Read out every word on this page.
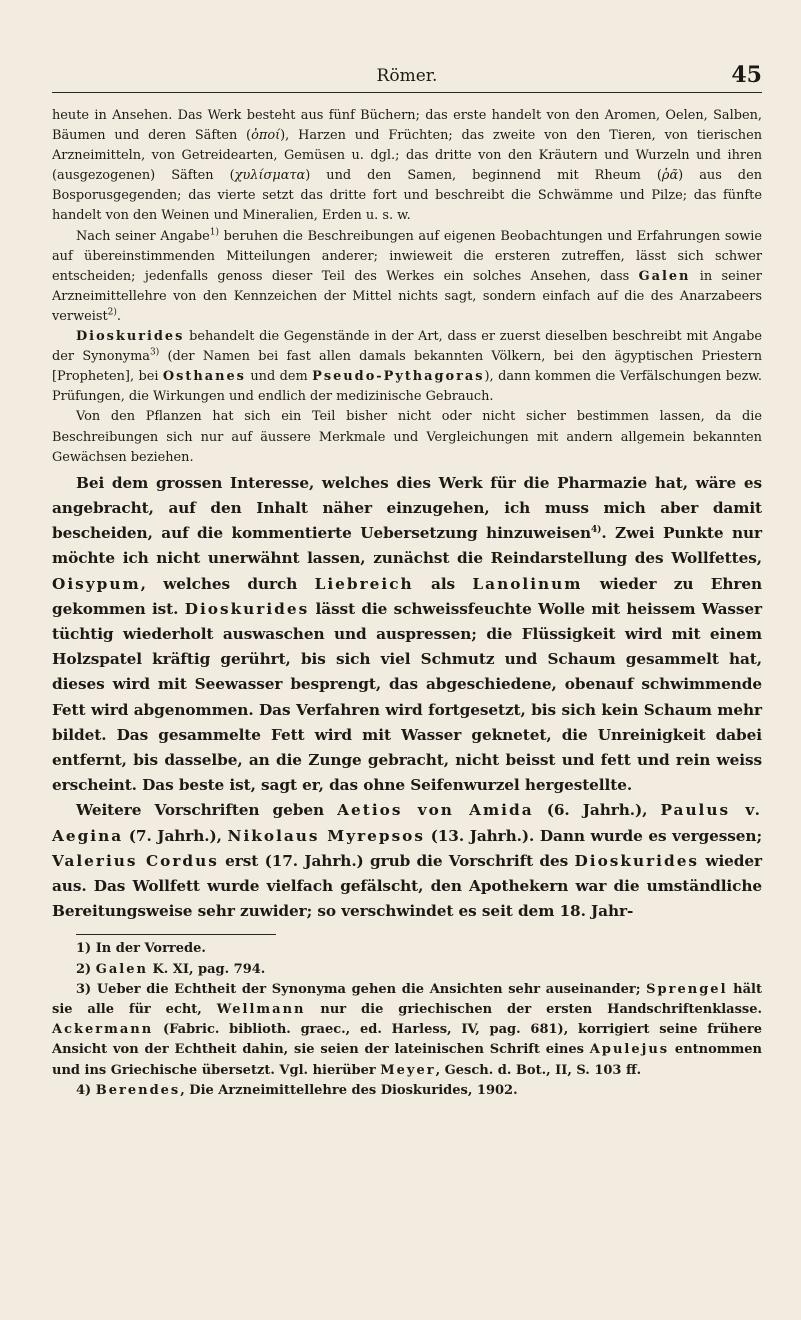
Römer.	45

heute in Ansehen. Das Werk besteht aus fünf Büchern; das erste handelt von den Aromen, Oelen, Salben, Bäumen und deren Säften (ὀποί), Harzen und Früchten; das zweite von den Tieren, von tierischen Arzneimitteln, von Getreidearten, Gemüsen u. dgl.; das dritte von den Kräutern und Wurzeln und ihren (ausgezogenen) Säften (χυλίσματα) und den Samen, beginnend mit Rheum (ῥᾶ) aus den Bosporusgegenden; das vierte setzt das dritte fort und beschreibt die Schwämme und Pilze; das fünfte handelt von den Weinen und Mineralien, Erden u. s. w.

Nach seiner Angabe$^{1)}$ beruhen die Beschreibungen auf eigenen Beobachtungen und Erfahrungen sowie auf übereinstimmenden Mitteilungen anderer; inwieweit die ersteren zutreffen, lässt sich schwer entscheiden; jedenfalls genoss dieser Teil des Werkes ein solches Ansehen, dass Galen in seiner Arzneimittellehre von den Kennzeichen der Mittel nichts sagt, sondern einfach auf die des Anarzabeers verweist$^{2)}$.

Dioskurides behandelt die Gegenstände in der Art, dass er zuerst dieselben beschreibt mit Angabe der Synonyma$^{3)}$ (der Namen bei fast allen damals bekannten Völkern, bei den ägyptischen Priestern [Propheten], bei Osthanes und dem Pseudo-Pythagoras), dann kommen die Verfälschungen bezw. Prüfungen, die Wirkungen und endlich der medizinische Gebrauch.

Von den Pflanzen hat sich ein Teil bisher nicht oder nicht sicher bestimmen lassen, da die Beschreibungen sich nur auf äussere Merkmale und Vergleichungen mit andern allgemein bekannten Gewächsen beziehen.

Bei dem grossen Interesse, welches dies Werk für die Pharmazie hat, wäre es angebracht, auf den Inhalt näher einzugehen, ich muss mich aber damit bescheiden, auf die kommentierte Uebersetzung hinzuweisen$^{4)}$. Zwei Punkte nur möchte ich nicht unerwähnt lassen, zunächst die Reindarstellung des Wollfettes, Oisypum, welches durch Liebreich als Lanolinum wieder zu Ehren gekommen ist. Dioskurides lässt die schweissfeuchte Wolle mit heissem Wasser tüchtig wiederholt auswaschen und auspressen; die Flüssigkeit wird mit einem Holzspatel kräftig gerührt, bis sich viel Schmutz und Schaum gesammelt hat, dieses wird mit Seewasser besprengt, das abgeschiedene, obenauf schwimmende Fett wird abgenommen. Das Verfahren wird fortgesetzt, bis sich kein Schaum mehr bildet. Das gesammelte Fett wird mit Wasser geknetet, die Unreinigkeit dabei entfernt, bis dasselbe, an die Zunge gebracht, nicht beisst und fett und rein weiss erscheint. Das beste ist, sagt er, das ohne Seifenwurzel hergestellte.

Weitere Vorschriften geben Aetios von Amida (6. Jahrh.), Paulus v. Aegina (7. Jahrh.), Nikolaus Myrepsos (13. Jahrh.). Dann wurde es vergessen; Valerius Cordus erst (17. Jahrh.) grub die Vorschrift des Dioskurides wieder aus. Das Wollfett wurde vielfach gefälscht, den Apothekern war die umständliche Bereitungsweise sehr zuwider; so verschwindet es seit dem 18. Jahr-

1) In der Vorrede.

2) Galen K. XI, pag. 794.

3) Ueber die Echtheit der Synonyma gehen die Ansichten sehr auseinander; Sprengel hält sie alle für echt, Wellmann nur die griechischen der ersten Handschriftenklasse. Ackermann (Fabric. biblioth. graec., ed. Harless, IV, pag. 681), korrigiert seine frühere Ansicht von der Echtheit dahin, sie seien der lateinischen Schrift eines Apulejus entnommen und ins Griechische übersetzt. Vgl. hierüber Meyer, Gesch. d. Bot., II, S. 103 ff.

4) Berendes, Die Arzneimittellehre des Dioskurides, 1902.
